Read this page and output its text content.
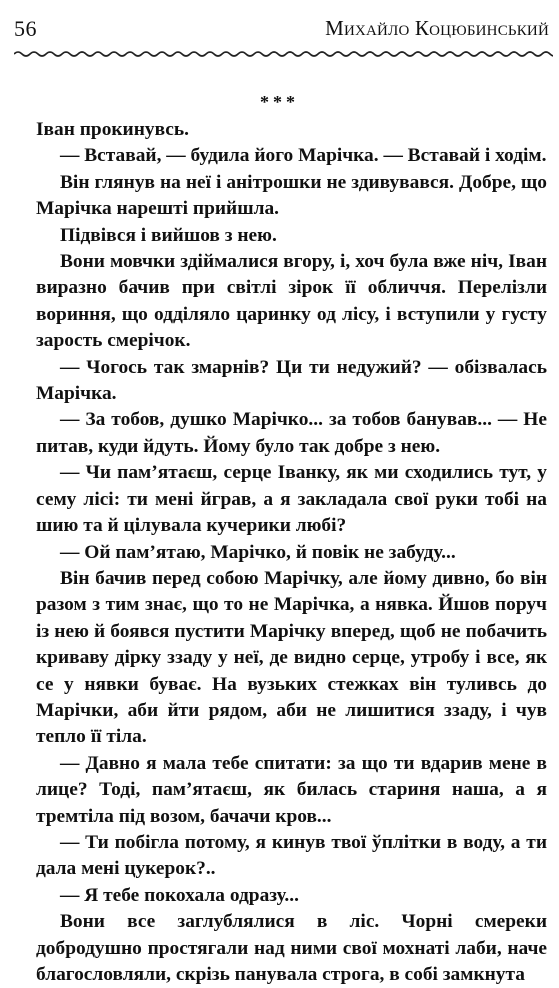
56	Михайло Коцюбинський
***

Іван прокинувсь.

— Вставай, — будила його Марічка. — Вставай і ходім.

Він глянув на неї і анітрошки не здивувався. Добре, що Марічка нарешті прийшла.

Підвівся і вийшов з нею.

Вони мовчки здіймалися вгору, і, хоч була вже ніч, Іван виразно бачив при світлі зірок її обличчя. Перелізли вориння, що одділяло царинку од лісу, і вступили у густу зарость смерічок.

— Чогось так змарнів? Ци ти недужий? — обізвалась Марічка.

— За тобов, душко Марічко... за тобов банував... — Не питав, куди йдуть. Йому було так добре з нею.

— Чи пам’ятаєш, серце Іванку, як ми сходились тут, у сему лісі: ти мені йграв, а я закладала свої руки тобі на шию та й цілувала кучерики любі?

— Ой пам’ятаю, Марічко, й повік не забуду...

Він бачив перед собою Марічку, але йому дивно, бо він разом з тим знає, що то не Марічка, а нявка. Йшов поруч із нею й боявся пустити Марічку вперед, щоб не побачить криваву дірку ззаду у неї, де видно серце, утробу і все, як се у нявки буває. На вузьких стежках він туливсь до Марічки, аби йти рядом, аби не лишитися ззаду, і чув тепло її тіла.

— Давно я мала тебе спитати: за що ти вдарив мене в лице? Тоді, пам’ятаєш, як билась стариня наша, а я тремтіла під возом, бачачи кров...

— Ти побігла потому, я кинув твої ўплітки в воду, а ти дала мені цукерок?..

— Я тебе покохала одразу...

Вони все заглублялися в ліс. Чорні смереки добродушно простягали над ними свої мохнаті лаби, наче благословляли, скрізь панувала строга, в собі замкнута
